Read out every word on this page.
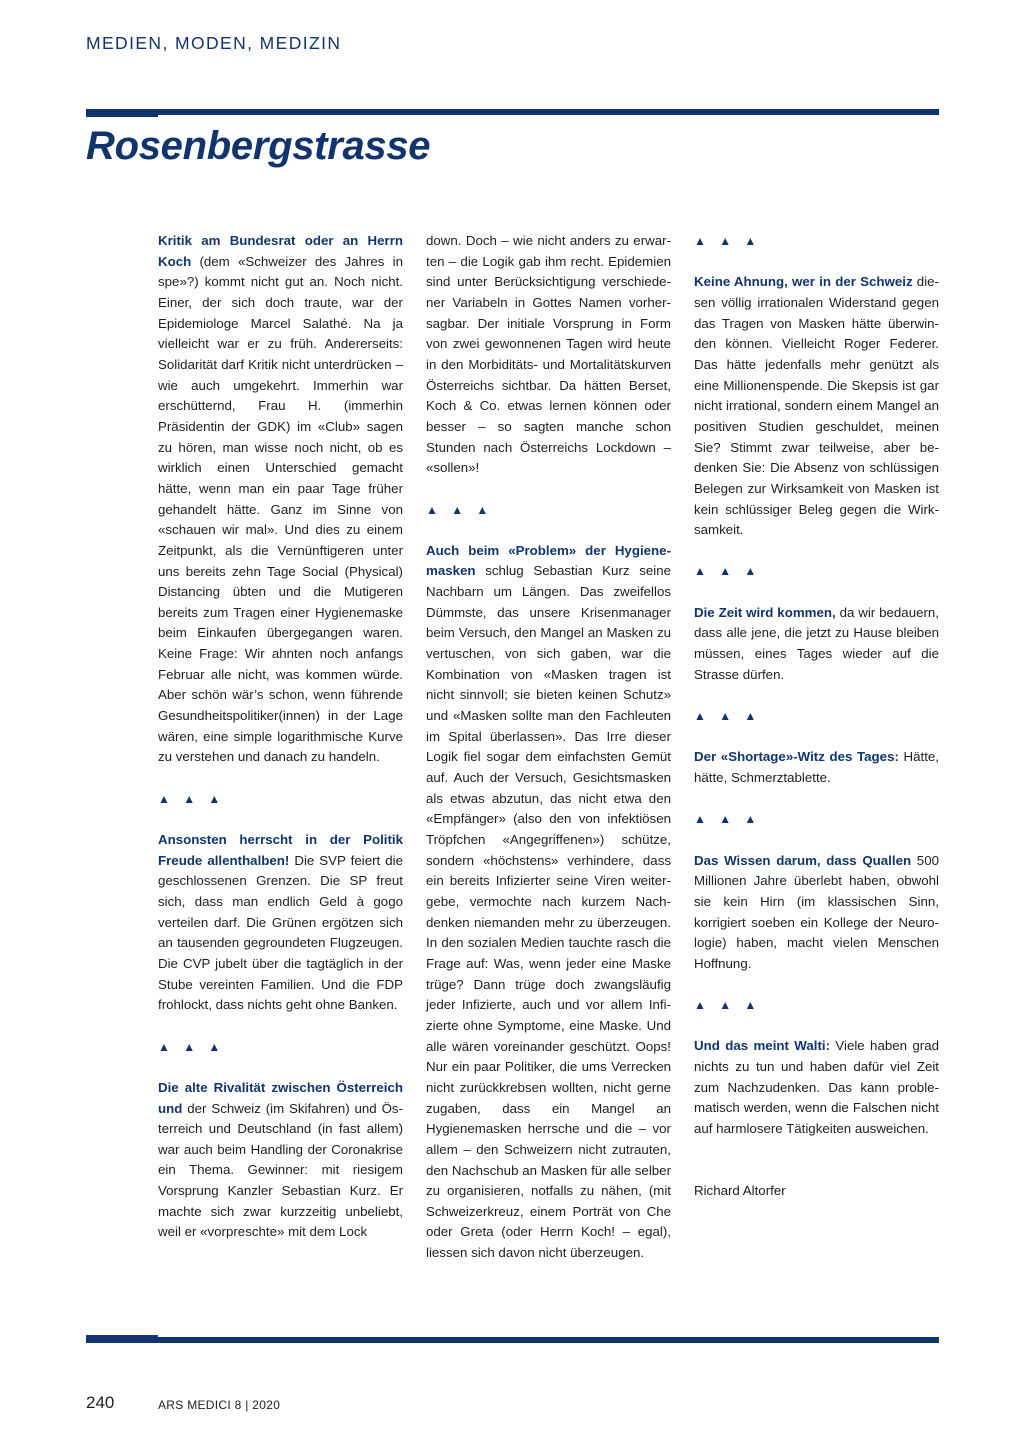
MEDIEN, MODEN, MEDIZIN
Rosenbergstrasse

Kritik am Bundesrat oder an Herrn Koch (dem «Schweizer des Jahres in spe»?) kommt nicht gut an. Noch nicht. Einer, der sich doch traute, war der Epidemiologe Marcel Salathé. Na ja vielleicht war er zu früh. Andererseits: Solidarität darf Kritik nicht unterdrücken – wie auch umgekehrt. Immerhin war erschütternd, Frau H. (immerhin Präsidentin der GDK) im «Club» sagen zu hören, man wisse noch nicht, ob es wirklich einen Unterschied gemacht hätte, wenn man ein paar Tage früher gehandelt hätte. Ganz im Sinne von «schauen wir mal». Und dies zu einem Zeitpunkt, als die Vernünftigeren unter uns bereits zehn Tage Social (Physical) Distancing übten und die Mutigeren bereits zum Tragen einer Hygienemaske beim Einkaufen übergegangen waren. Keine Frage: Wir ahnten noch anfangs Februar alle nicht, was kommen würde. Aber schön wär’s schon, wenn führende Gesundheitspolitiker(innen) in der Lage wären, eine simple logarithmische Kurve zu verstehen und danach zu handeln.

▲ ▲ ▲

Ansonsten herrscht in der Politik Freude allenthalben! Die SVP feiert die geschlossenen Grenzen. Die SP freut sich, dass man endlich Geld à gogo verteilen darf. Die Grünen ergötzen sich an tausenden gegroundeten Flugzeugen. Die CVP jubelt über die tagtäglich in der Stube vereinten Familien. Und die FDP frohlockt, dass nichts geht ohne Banken.

▲ ▲ ▲

Die alte Rivalität zwischen Österreich und der Schweiz (im Skifahren) und Österreich und Deutschland (in fast allem) war auch beim Handling der Coronakrise ein Thema. Gewinner: mit riesigem Vorsprung Kanzler Sebastian Kurz. Er machte sich zwar kurzzeitig unbeliebt, weil er «vorpreschte» mit dem Lock

down. Doch – wie nicht anders zu erwarten – die Logik gab ihm recht. Epidemien sind unter Berücksichtigung verschiedener Variabeln in Gottes Namen vorhersagbar. Der initiale Vorsprung in Form von zwei gewonnenen Tagen wird heute in den Morbiditäts- und Mortalitätskurven Österreichs sichtbar. Da hätten Berset, Koch & Co. etwas lernen können oder besser – so sagten manche schon Stunden nach Österreichs Lockdown – «sollen»!

▲ ▲ ▲

Auch beim «Problem» der Hygienemasken schlug Sebastian Kurz seine Nachbarn um Längen. Das zweifellos Dümmste, das unsere Krisenmanager beim Versuch, den Mangel an Masken zu vertuschen, von sich gaben, war die Kombination von «Masken tragen ist nicht sinnvoll; sie bieten keinen Schutz» und «Masken sollte man den Fachleuten im Spital überlassen». Das Irre dieser Logik fiel sogar dem einfachsten Gemüt auf. Auch der Versuch, Gesichtsmasken als etwas abzutun, das nicht etwa den «Empfänger» (also den von infektiösen Tröpfchen «Angegriffenen») schütze, sondern «höchstens» verhindere, dass ein bereits Infizierter seine Viren weitergebe, vermochte nach kurzem Nachdenken niemanden mehr zu überzeugen. In den sozialen Medien tauchte rasch die Frage auf: Was, wenn jeder eine Maske trüge? Dann trüge doch zwangsläufig jeder Infizierte, auch und vor allem Infizierte ohne Symptome, eine Maske. Und alle wären voreinander geschützt. Oops! Nur ein paar Politiker, die ums Verrecken nicht zurückkrebsen wollten, nicht gerne zugaben, dass ein Mangel an Hygienemasken herrsche und die – vor allem – den Schweizern nicht zutrauten, den Nachschub an Masken für alle selber zu organisieren, notfalls zu nähen, (mit Schweizerkreuz, einem Porträt von Che oder Greta (oder Herrn Koch! – egal), liessen sich davon nicht überzeugen.

▲ ▲ ▲

Keine Ahnung, wer in der Schweiz diesen völlig irrationalen Widerstand gegen das Tragen von Masken hätte überwinden können. Vielleicht Roger Federer. Das hätte jedenfalls mehr genützt als eine Millionenspende. Die Skepsis ist gar nicht irrational, sondern einem Mangel an positiven Studien geschuldet, meinen Sie? Stimmt zwar teilweise, aber bedenken Sie: Die Absenz von schlüssigen Belegen zur Wirksamkeit von Masken ist kein schlüssiger Beleg gegen die Wirksamkeit.

▲ ▲ ▲

Die Zeit wird kommen, da wir bedauern, dass alle jene, die jetzt zu Hause bleiben müssen, eines Tages wieder auf die Strasse dürfen.

▲ ▲ ▲

Der «Shortage»-Witz des Tages: Hätte, hätte, Schmerztablette.

▲ ▲ ▲

Das Wissen darum, dass Quallen 500 Millionen Jahre überlebt haben, obwohl sie kein Hirn (im klassischen Sinn, korrigiert soeben ein Kollege der Neurologie) haben, macht vielen Menschen Hoffnung.

▲ ▲ ▲

Und das meint Walti: Viele haben grad nichts zu tun und haben dafür viel Zeit zum Nachzudenken. Das kann problematisch werden, wenn die Falschen nicht auf harmlosere Tätigkeiten ausweichen.

Richard Altorfer

240	ARS MEDICI 8 | 2020
